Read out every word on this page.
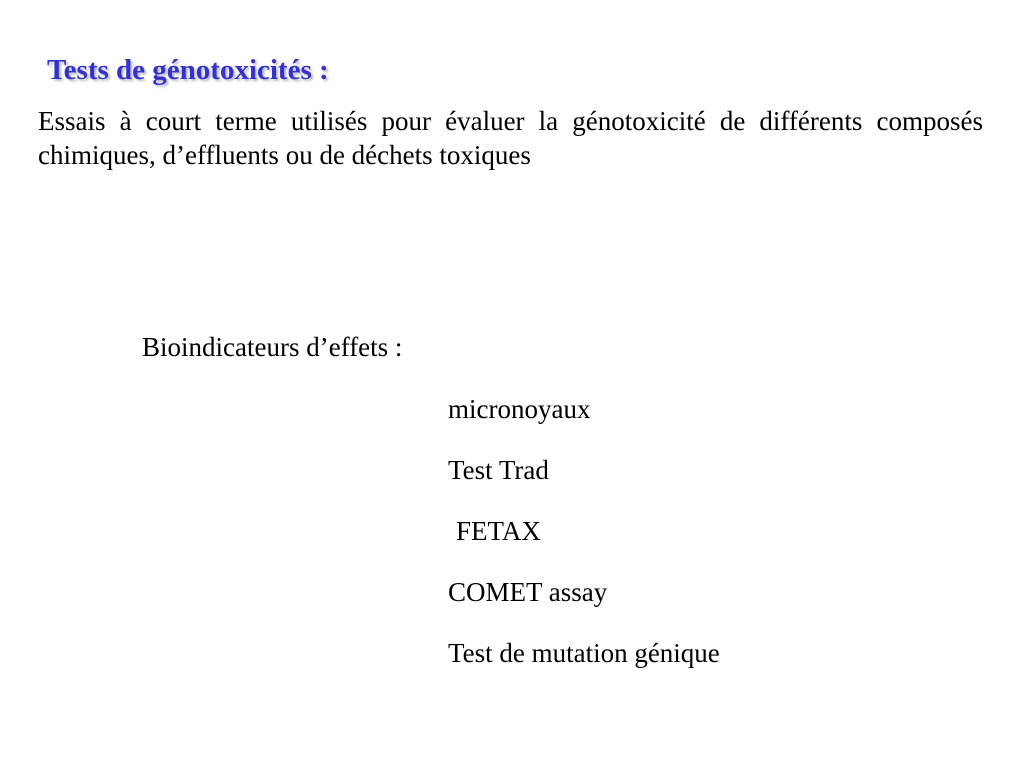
Tests de génotoxicités :
Essais à court terme utilisés pour évaluer la génotoxicité de différents composés chimiques, d’effluents ou de déchets toxiques
Bioindicateurs d’effets :
micronoyaux
Test Trad
FETAX
COMET assay
Test de mutation génique
